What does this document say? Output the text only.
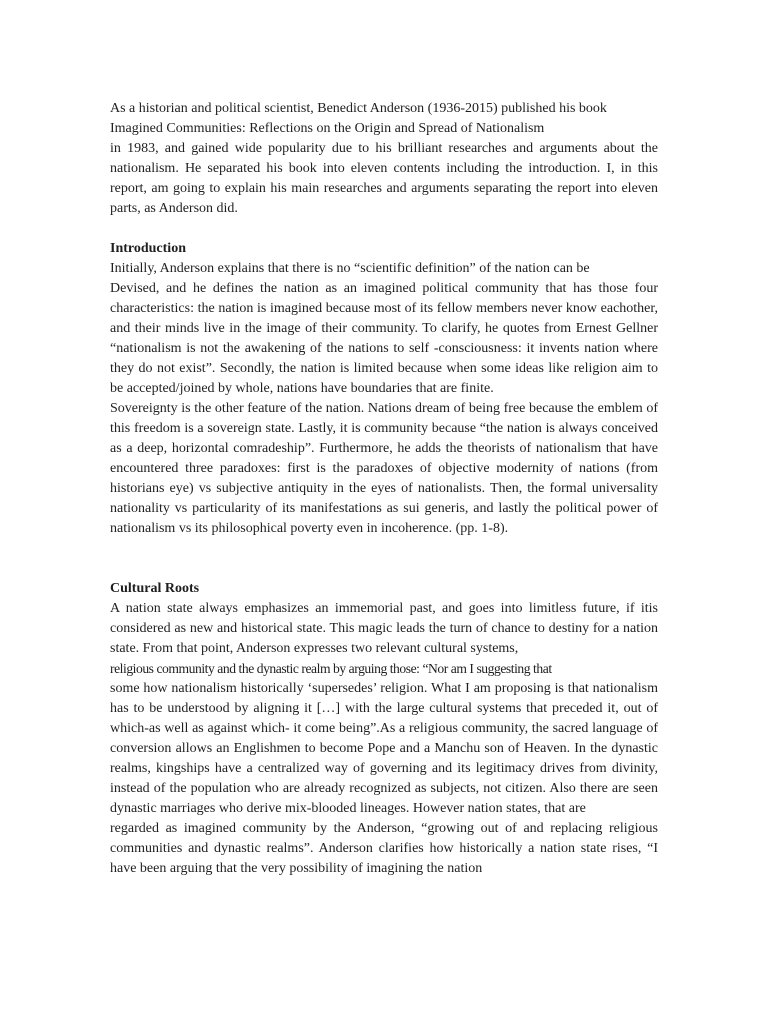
As a historian and political scientist, Benedict Anderson (1936-2015) published his book

Imagined Communities: Reflections on the Origin and Spread of Nationalism

in 1983, and gained wide popularity due to his brilliant researches and arguments about the nationalism. He separated his book into eleven contents including the introduction. I, in this report, am going to explain his main researches and arguments separating the report into eleven parts, as Anderson did.

Introduction

Initially, Anderson explains that there is no “scientific definition” of the nation can be

Devised, and he defines the nation as an imagined political community that has those four characteristics: the nation is imagined because most of its fellow members never know eachother, and their minds live in the image of their community. To clarify, he quotes from Ernest Gellner “nationalism is not the awakening of the nations to self -consciousness: it invents nation where they do not exist”. Secondly, the nation is limited because when some ideas like religion aim to be accepted/joined by whole, nations have boundaries that are finite.

Sovereignty is the other feature of the nation. Nations dream of being free because the emblem of this freedom is a sovereign state. Lastly, it is community because “the nation is always conceived as a deep, horizontal comradeship”. Furthermore, he adds the theorists of nationalism that have encountered three paradoxes: first is the paradoxes of objective modernity of nations (from historians eye) vs subjective antiquity in the eyes of nationalists. Then, the formal universality nationality vs particularity of its manifestations as sui generis, and lastly the political power of nationalism vs its philosophical poverty even in incoherence. (pp. 1-8).

Cultural Roots

A nation state always emphasizes an immemorial past, and goes into limitless future, if itis considered as new and historical state. This magic leads the turn of chance to destiny for a nation state. From that point, Anderson expresses two relevant cultural systems,

religious community and the dynastic realm by arguing those: “Nor am I suggesting that

some how nationalism historically ‘supersedes’ religion. What I am proposing is that nationalism has to be understood by aligning it […] with the large cultural systems that preceded it, out of which-as well as against which- it come being”.As a religious community, the sacred language of conversion allows an Englishmen to become Pope and a Manchu son of Heaven. In the dynastic realms, kingships have a centralized way of governing and its legitimacy drives from divinity, instead of the population who are already recognized as subjects, not citizen. Also there are seen dynastic marriages who derive mix-blooded lineages. However nation states, that are

regarded as imagined community by the Anderson, “growing out of and replacing religious communities and dynastic realms”. Anderson clarifies how historically a nation state rises, “I have been arguing that the very possibility of imagining the nation
